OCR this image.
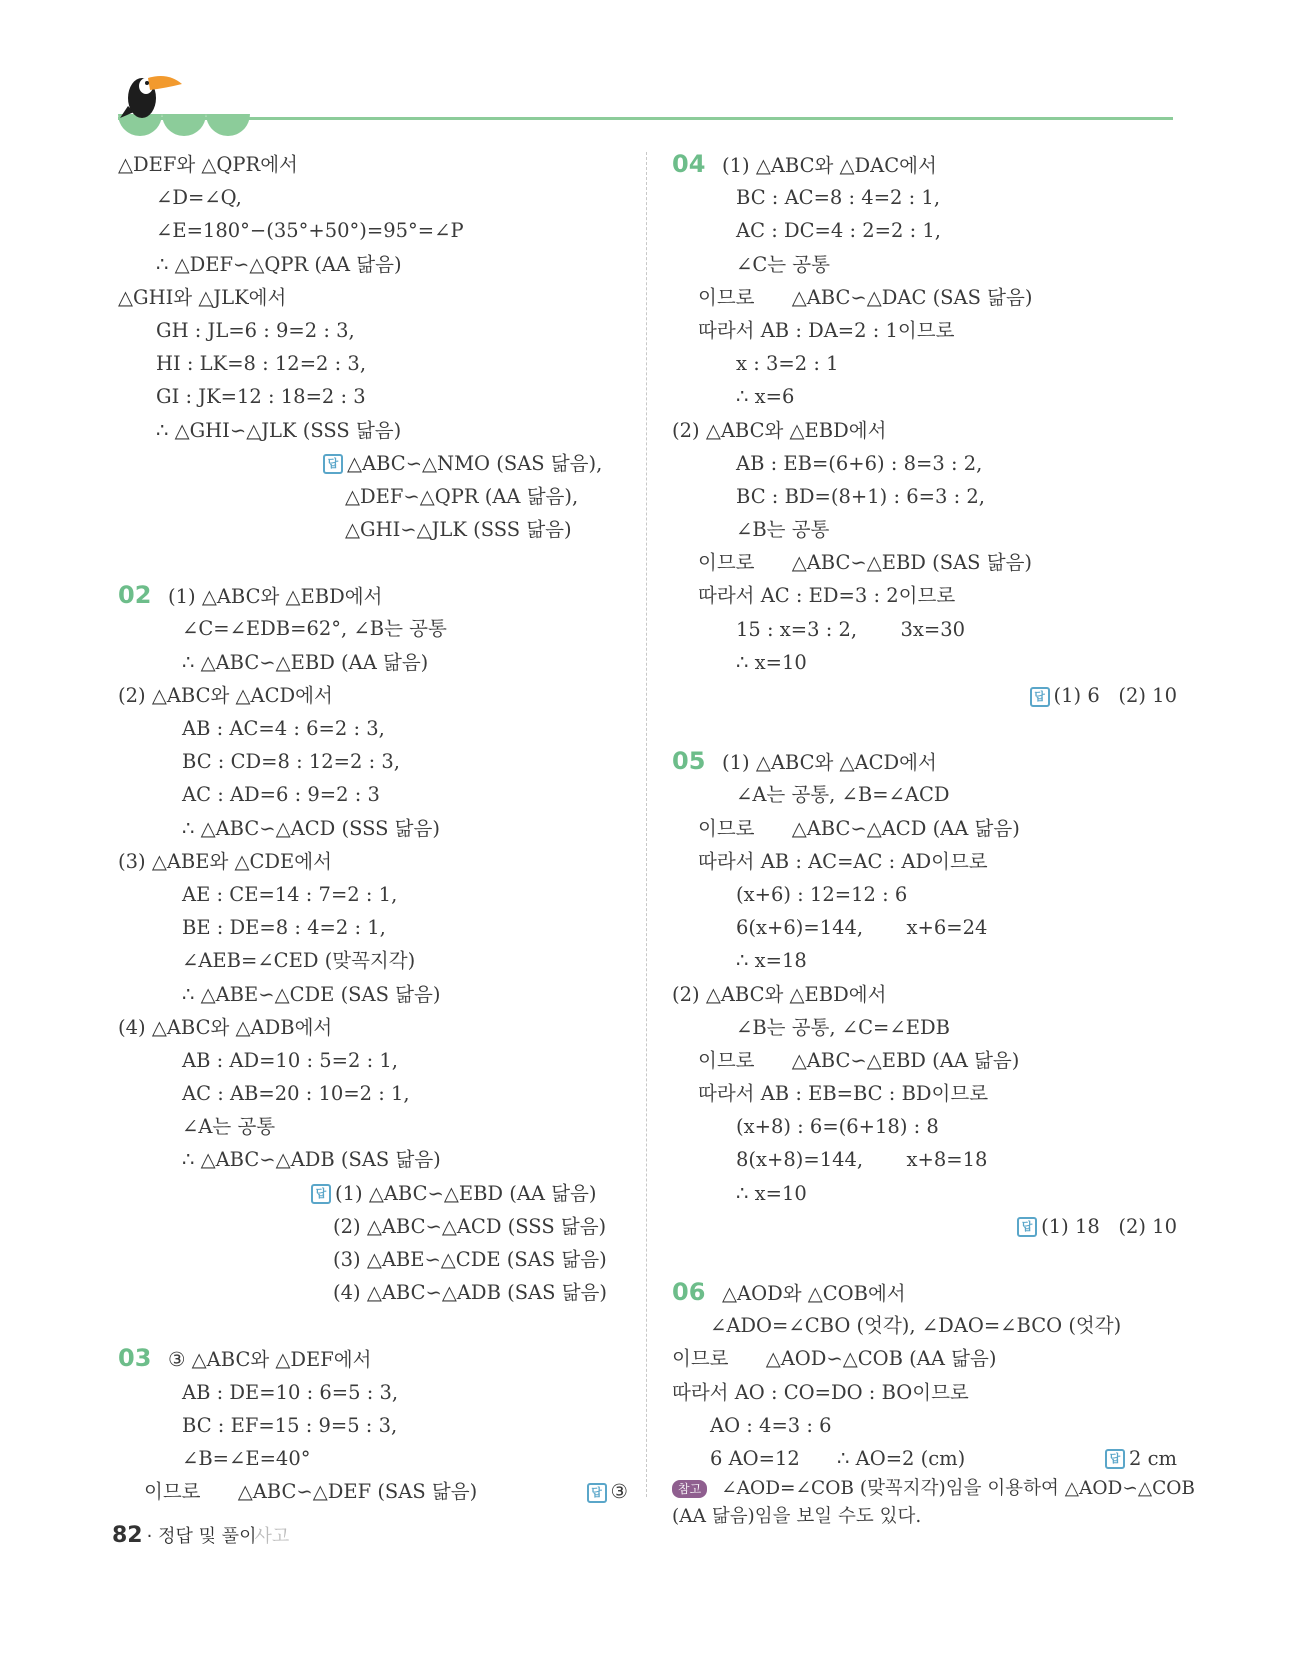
△DEF와 △QPR에서
∠D=∠Q,
∠E=180°−(35°+50°)=95°=∠P
∴ △DEF∽△QPR (AA 닮음)
△GHI와 △JLK에서
GH : JL=6 : 9=2 : 3,
HI : LK=8 : 12=2 : 3,
GI : JK=12 : 18=2 : 3
∴ △GHI∽△JLK (SSS 닮음)
답 △ABC∽△NMO (SAS 닮음),
△DEF∽△QPR (AA 닮음),
△GHI∽△JLK (SSS 닮음)
02 (1) △ABC와 △EBD에서
∠C=∠EDB=62°, ∠B는 공통
∴ △ABC∽△EBD (AA 닮음)
(2) △ABC와 △ACD에서
AB : AC=4 : 6=2 : 3,
BC : CD=8 : 12=2 : 3,
AC : AD=6 : 9=2 : 3
∴ △ABC∽△ACD (SSS 닮음)
(3) △ABE와 △CDE에서
AE : CE=14 : 7=2 : 1,
BE : DE=8 : 4=2 : 1,
∠AEB=∠CED (맞꼭지각)
∴ △ABE∽△CDE (SAS 닮음)
(4) △ABC와 △ADB에서
AB : AD=10 : 5=2 : 1,
AC : AB=20 : 10=2 : 1,
∠A는 공통
∴ △ABC∽△ADB (SAS 닮음)
답 (1) △ABC∽△EBD (AA 닮음)
(2) △ABC∽△ACD (SSS 닮음)
(3) △ABE∽△CDE (SAS 닮음)
(4) △ABC∽△ADB (SAS 닮음)
03 ③ △ABC와 △DEF에서
AB : DE=10 : 6=5 : 3,
BC : EF=15 : 9=5 : 3,
∠B=∠E=40°
이므로      △ABC∽△DEF (SAS 닮음)	답 ③
04 (1) △ABC와 △DAC에서
BC : AC=8 : 4=2 : 1,
AC : DC=4 : 2=2 : 1,
∠C는 공통
이므로      △ABC∽△DAC (SAS 닮음)
따라서 AB : DA=2 : 1이므로
x : 3=2 : 1
∴ x=6
(2) △ABC와 △EBD에서
AB : EB=(6+6) : 8=3 : 2,
BC : BD=(8+1) : 6=3 : 2,
∠B는 공통
이므로      △ABC∽△EBD (SAS 닮음)
따라서 AC : ED=3 : 2이므로
15 : x=3 : 2,       3x=30
∴ x=10
답 (1) 6   (2) 10
05 (1) △ABC와 △ACD에서
∠A는 공통, ∠B=∠ACD
이므로      △ABC∽△ACD (AA 닮음)
따라서 AB : AC=AC : AD이므로
(x+6) : 12=12 : 6
6(x+6)=144,       x+6=24
∴ x=18
(2) △ABC와 △EBD에서
∠B는 공통, ∠C=∠EDB
이므로      △ABC∽△EBD (AA 닮음)
따라서 AB : EB=BC : BD이므로
(x+8) : 6=(6+18) : 8
8(x+8)=144,       x+8=18
∴ x=10
답 (1) 18   (2) 10
06 △AOD와 △COB에서
∠ADO=∠CBO (엇각), ∠DAO=∠BCO (엇각)
이므로      △AOD∽△COB (AA 닮음)
따라서 AO : CO=DO : BO이므로
AO : 4=3 : 6
6 AO=12      ∴ AO=2 (cm)	답 2 cm
참고 ∠AOD=∠COB (맞꼭지각)임을 이용하여 △AOD∽△COB
(AA 닮음)임을 보일 수도 있다.
82 · 정답 및 풀이사고
